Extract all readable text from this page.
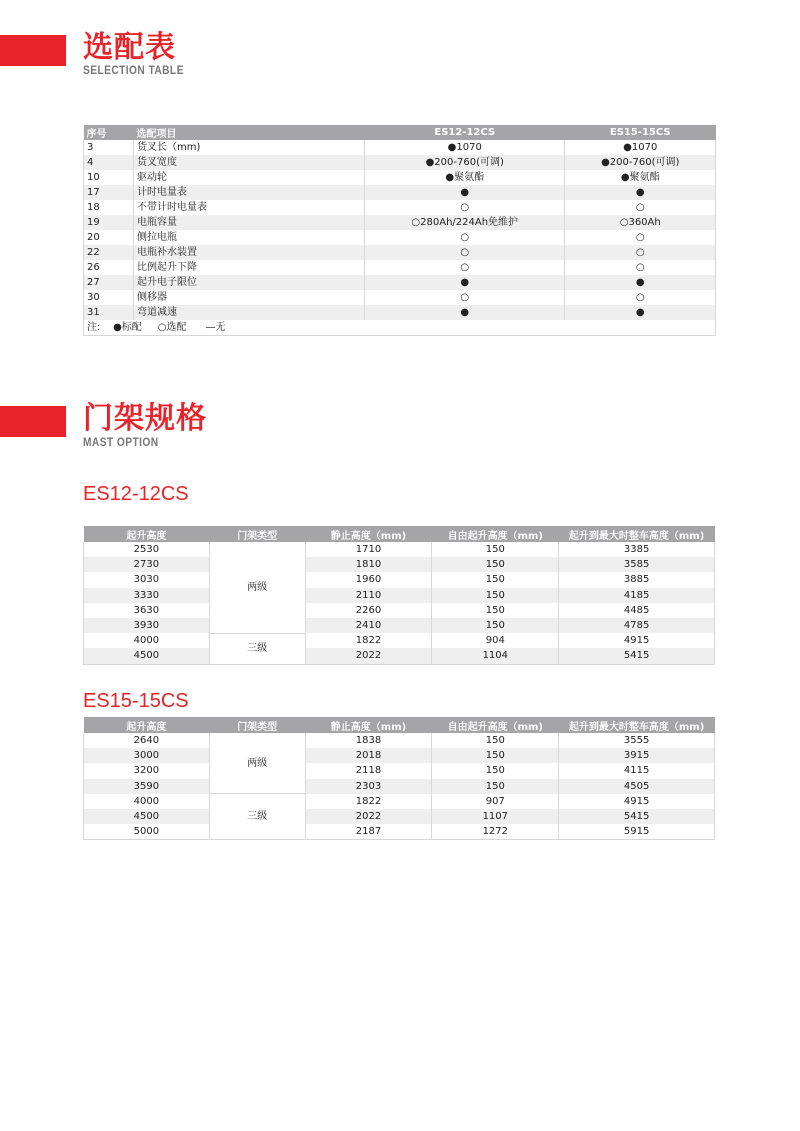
选配表
SELECTION TABLE
序号	选配项目	ES12-12CS	ES15-15CS
3	货叉长（mm)	●1070	●1070
4	货叉宽度	●200-760(可调)	●200-760(可调)
10	驱动轮	●聚氨酯	●聚氨酯
17	计时电量表	●	●
18	不带计时电量表	○	○
19	电瓶容量	○280Ah/224Ah免维护	○360Ah
20	侧拉电瓶	○	○
22	电瓶补水装置	○	○
26	比例起升下降	○	○
27	起升电子限位	●	●
30	侧移器	○	○
31	弯道减速	●	●
注:    ●标配     ○选配      —无			
门架规格
MAST OPTION
ES12-12CS
起升高度	门架类型	静止高度（mm)	自由起升高度（mm)	起升到最大时整车高度（mm)
2530	两级	1710	150	3385
2730		1810	150	3585
3030		1960	150	3885
3330		2110	150	4185
3630		2260	150	4485
3930		2410	150	4785
4000	三级	1822	904	4915
4500		2022	1104	5415
ES15-15CS
起升高度	门架类型	静止高度（mm)	自由起升高度（mm)	起升到最大时整车高度（mm)
2640	两级	1838	150	3555
3000		2018	150	3915
3200		2118	150	4115
3590		2303	150	4505
4000	三级	1822	907	4915
4500		2022	1107	5415
5000		2187	1272	5915
